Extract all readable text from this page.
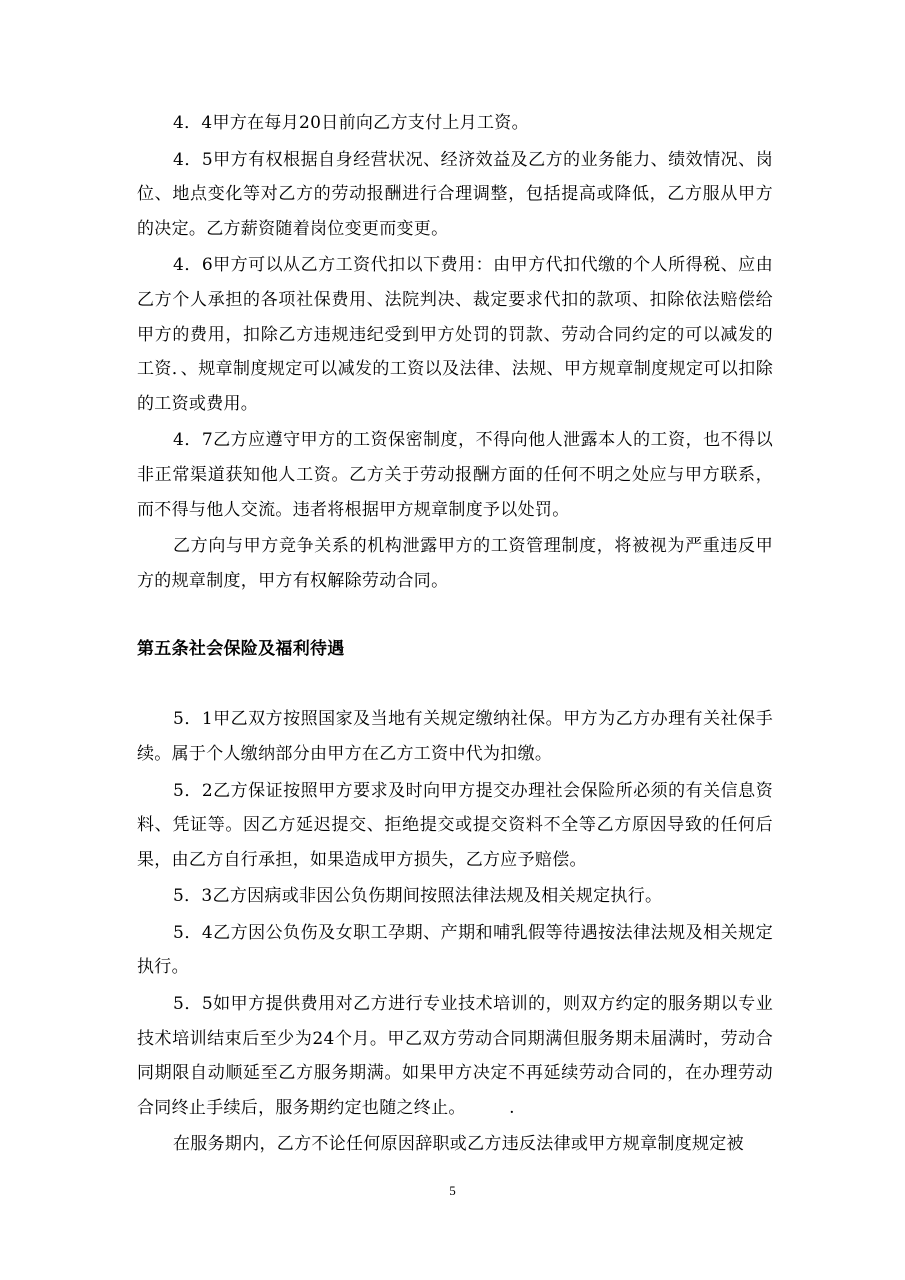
4．4甲方在每月20日前向乙方支付上月工资。

4．5甲方有权根据自身经营状况、经济效益及乙方的业务能力、绩效情况、岗位、地点变化等对乙方的劳动报酬进行合理调整，包括提高或降低，乙方服从甲方的决定。乙方薪资随着岗位变更而变更。

4．6甲方可以从乙方工资代扣以下费用：由甲方代扣代缴的个人所得税、应由乙方个人承担的各项社保费用、法院判决、裁定要求代扣的款项、扣除依法赔偿给甲方的费用，扣除乙方违规违纪受到甲方处罚的罚款、劳动合同约定的可以减发的工资．、规章制度规定可以减发的工资以及法律、法规、甲方规章制度规定可以扣除的工资或费用。

4．7乙方应遵守甲方的工资保密制度，不得向他人泄露本人的工资，也不得以非正常渠道获知他人工资。乙方关于劳动报酬方面的任何不明之处应与甲方联系，而不得与他人交流。违者将根据甲方规章制度予以处罚。

乙方向与甲方竞争关系的机构泄露甲方的工资管理制度，将被视为严重违反甲方的规章制度，甲方有权解除劳动合同。

第五条社会保险及福利待遇

5．1甲乙双方按照国家及当地有关规定缴纳社保。甲方为乙方办理有关社保手续。属于个人缴纳部分由甲方在乙方工资中代为扣缴。

5．2乙方保证按照甲方要求及时向甲方提交办理社会保险所必须的有关信息资料、凭证等。因乙方延迟提交、拒绝提交或提交资料不全等乙方原因导致的任何后果，由乙方自行承担，如果造成甲方损失，乙方应予赔偿。

5．3乙方因病或非因公负伤期间按照法律法规及相关规定执行。

5．4乙方因公负伤及女职工孕期、产期和哺乳假等待遇按法律法规及相关规定执行。

5．5如甲方提供费用对乙方进行专业技术培训的，则双方约定的服务期以专业技术培训结束后至少为24个月。甲乙双方劳动合同期满但服务期未届满时，劳动合同期限自动顺延至乙方服务期满。如果甲方决定不再延续劳动合同的，在办理劳动合同终止手续后，服务期约定也随之终止。　　　.

在服务期内，乙方不论任何原因辞职或乙方违反法律或甲方规章制度规定被

5
